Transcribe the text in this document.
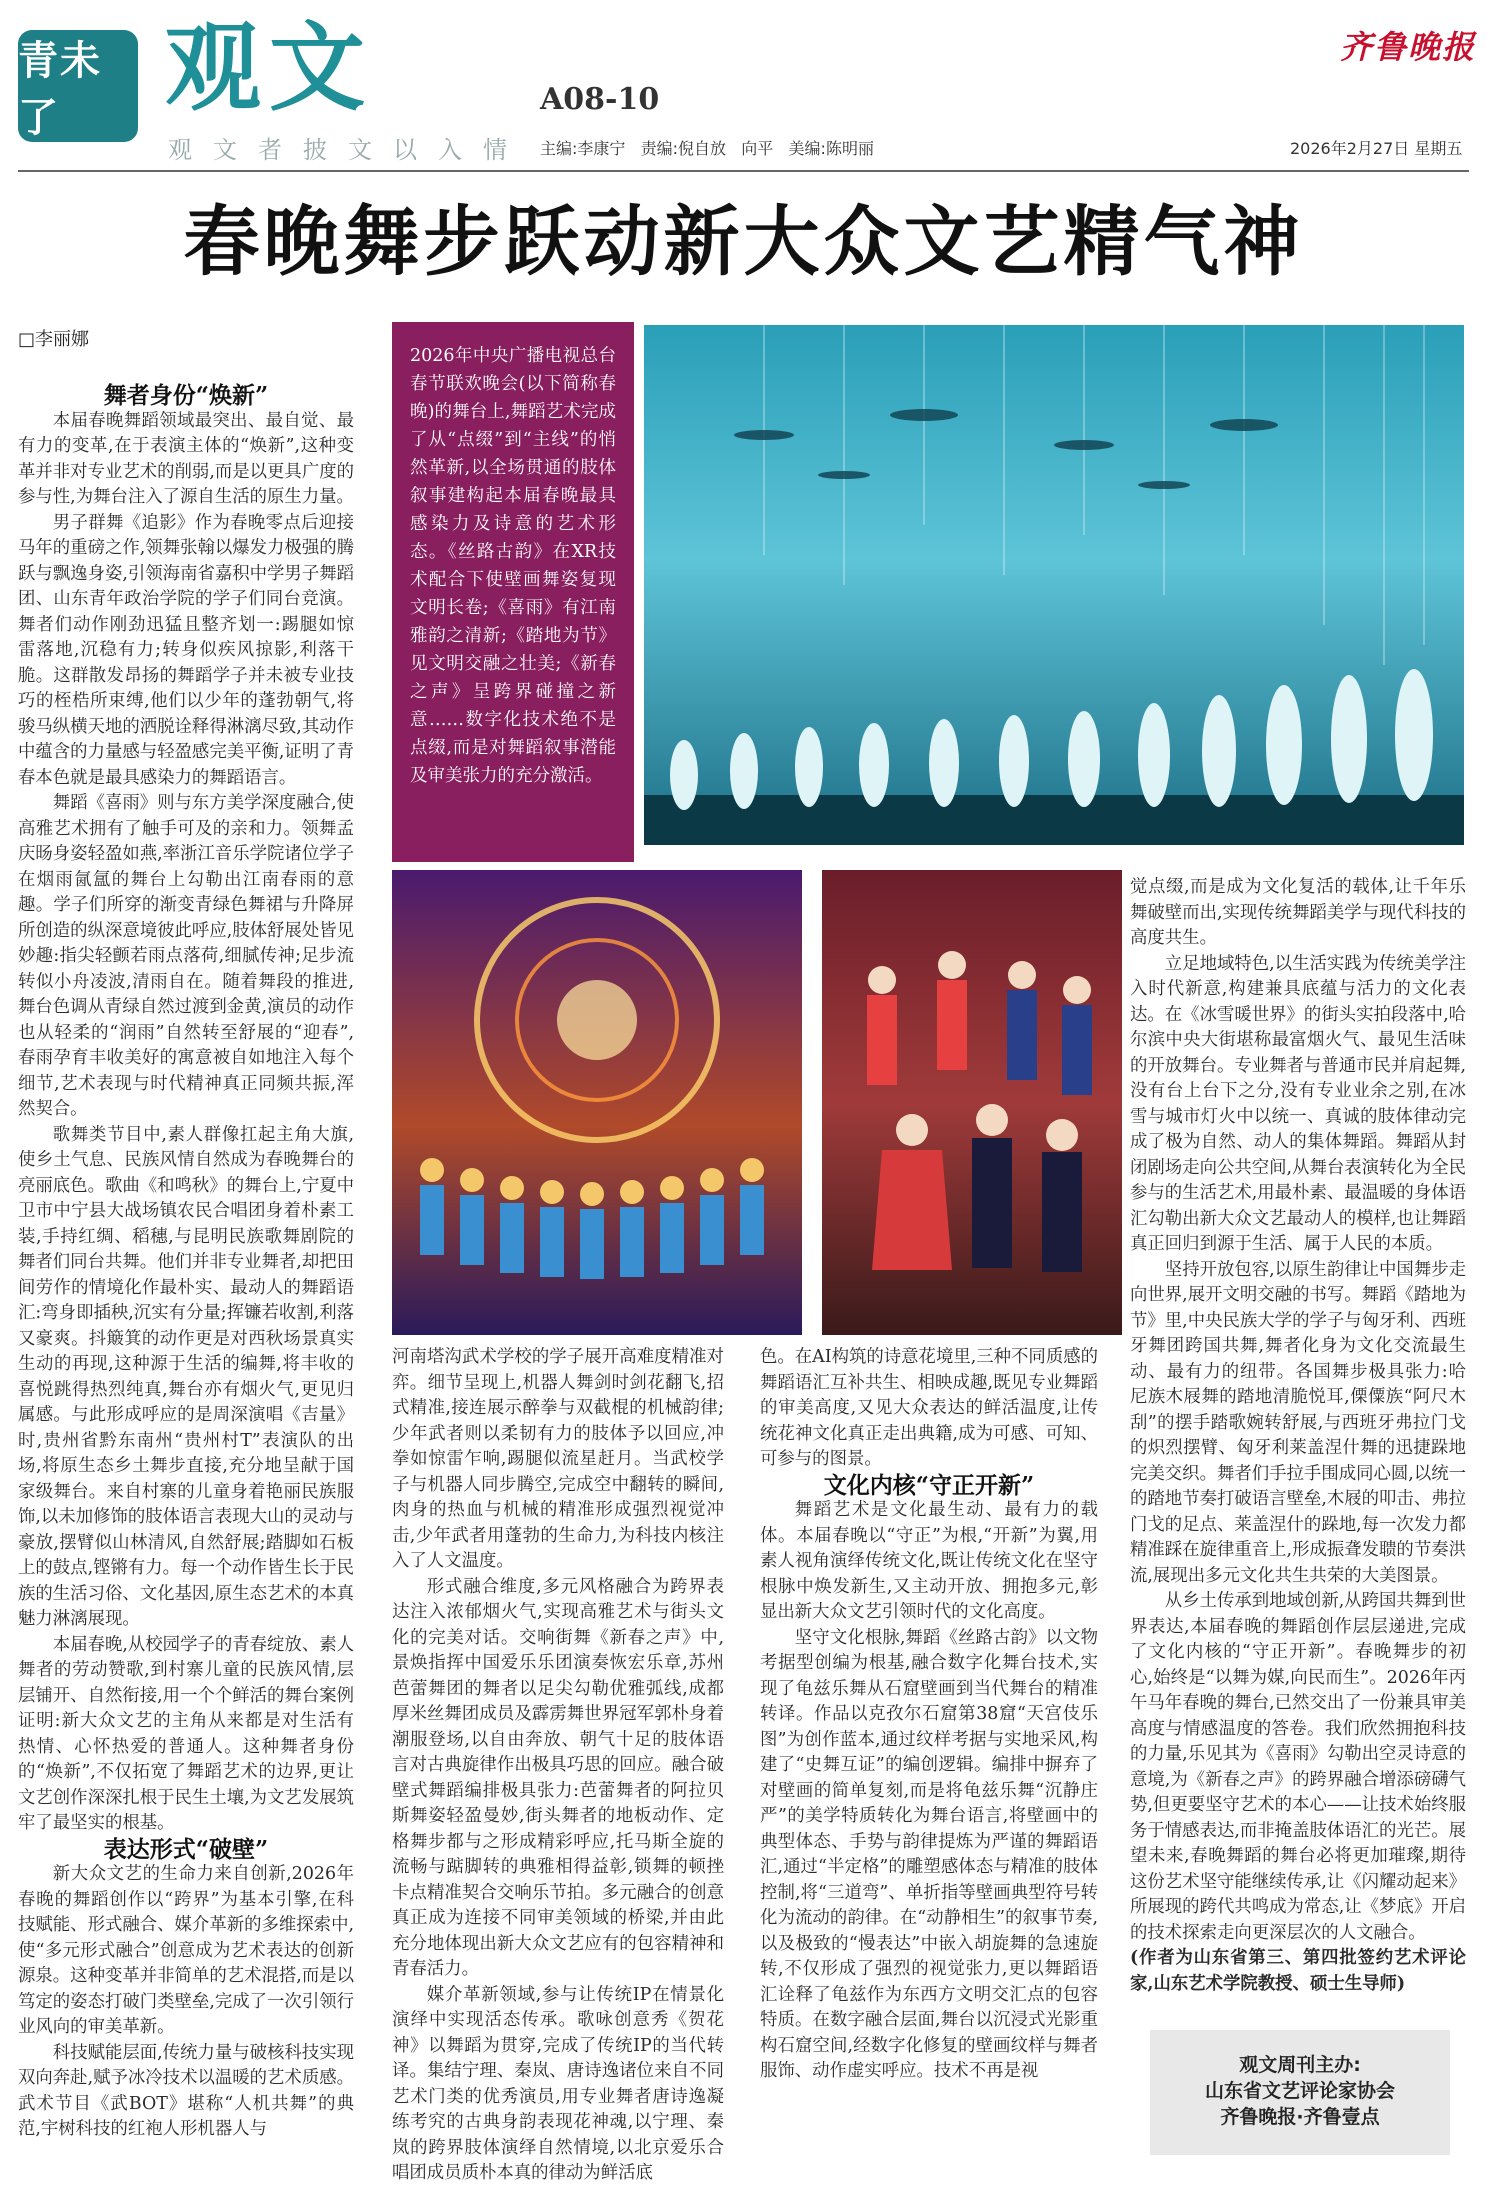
青未了	观文	A08-10
观文者披文以入情 主编:李康宁   责编:倪自放   向平   美编:陈明丽	2026年2月27日 星期五
齐鲁晚报
春晚舞步跃动新大众文艺精气神
□李丽娜

舞者身份“焕新”

本届春晚舞蹈领域最突出、最自觉、最有力的变革,在于表演主体的“焕新”,这种变革并非对专业艺术的削弱,而是以更具广度的参与性,为舞台注入了源自生活的原生力量。

男子群舞《追影》作为春晚零点后迎接马年的重磅之作,领舞张翰以爆发力极强的腾跃与飘逸身姿,引领海南省嘉积中学男子舞蹈团、山东青年政治学院的学子们同台竞演。舞者们动作刚劲迅猛且整齐划一:踢腿如惊雷落地,沉稳有力;转身似疾风掠影,利落干脆。这群散发昂扬的舞蹈学子并未被专业技巧的桎梏所束缚,他们以少年的蓬勃朝气,将骏马纵横天地的洒脱诠释得淋漓尽致,其动作中蕴含的力量感与轻盈感完美平衡,证明了青春本色就是最具感染力的舞蹈语言。

舞蹈《喜雨》则与东方美学深度融合,使高雅艺术拥有了触手可及的亲和力。领舞孟庆旸身姿轻盈如燕,率浙江音乐学院诸位学子在烟雨氤氲的舞台上勾勒出江南春雨的意趣。学子们所穿的渐变青绿色舞裙与升降屏所创造的纵深意境彼此呼应,肢体舒展处皆见妙趣:指尖轻颤若雨点落荷,细腻传神;足步流转似小舟凌波,清雨自在。随着舞段的推进,舞台色调从青绿自然过渡到金黄,演员的动作也从轻柔的“润雨”自然转至舒展的“迎春”,春雨孕育丰收美好的寓意被自如地注入每个细节,艺术表现与时代精神真正同频共振,浑然契合。

歌舞类节目中,素人群像扛起主角大旗,使乡土气息、民族风情自然成为春晚舞台的亮丽底色。歌曲《和鸣秋》的舞台上,宁夏中卫市中宁县大战场镇农民合唱团身着朴素工装,手持红绸、稻穗,与昆明民族歌舞剧院的舞者们同台共舞。他们并非专业舞者,却把田间劳作的情境化作最朴实、最动人的舞蹈语汇:弯身即插秧,沉实有分量;挥镰若收割,利落又豪爽。抖簸箕的动作更是对西秋场景真实生动的再现,这种源于生活的编舞,将丰收的喜悦跳得热烈纯真,舞台亦有烟火气,更见归属感。与此形成呼应的是周深演唱《吉量》时,贵州省黔东南州“贵州村T”表演队的出场,将原生态乡土舞步直接,充分地呈献于国家级舞台。来自村寨的儿童身着艳丽民族服饰,以未加修饰的肢体语言表现大山的灵动与豪放,摆臂似山林清风,自然舒展;踏脚如石板上的鼓点,铿锵有力。每一个动作皆生长于民族的生活习俗、文化基因,原生态艺术的本真魅力淋漓展现。

本届春晚,从校园学子的青春绽放、素人舞者的劳动赞歌,到村寨儿童的民族风情,层层铺开、自然衔接,用一个个鲜活的舞台案例证明:新大众文艺的主角从来都是对生活有热情、心怀热爱的普通人。这种舞者身份的“焕新”,不仅拓宽了舞蹈艺术的边界,更让文艺创作深深扎根于民生土壤,为文艺发展筑牢了最坚实的根基。

表达形式“破壁”

新大众文艺的生命力来自创新,2026年春晚的舞蹈创作以“跨界”为基本引擎,在科技赋能、形式融合、媒介革新的多维探索中,使“多元形式融合”创意成为艺术表达的创新源泉。这种变革并非简单的艺术混搭,而是以笃定的姿态打破门类壁垒,完成了一次引领行业风向的审美革新。

科技赋能层面,传统力量与破核科技实现双向奔赴,赋予冰冷技术以温暖的艺术质感。武术节目《武BOT》堪称“人机共舞”的典范,宇树科技的红袍人形机器人与

2026年中央广播电视总台春节联欢晚会(以下简称春晚)的舞台上,舞蹈艺术完成了从“点缀”到“主线”的悄然革新,以全场贯通的肢体叙事建构起本届春晚最具感染力及诗意的艺术形态。《丝路古韵》在XR技术配合下使壁画舞姿复现文明长卷;《喜雨》有江南雅韵之清新;《踏地为节》见文明交融之壮美;《新春之声》呈跨界碰撞之新意……数字化技术绝不是点缀,而是对舞蹈叙事潜能及审美张力的充分激活。

河南塔沟武术学校的学子展开高难度精准对弈。细节呈现上,机器人舞剑时剑花翻飞,招式精准,接连展示醉拳与双截棍的机械韵律;少年武者则以柔韧有力的肢体予以回应,冲拳如惊雷乍响,踢腿似流星赶月。当武校学子与机器人同步腾空,完成空中翻转的瞬间,肉身的热血与机械的精准形成强烈视觉冲击,少年武者用蓬勃的生命力,为科技内核注入了人文温度。

形式融合维度,多元风格融合为跨界表达注入浓郁烟火气,实现高雅艺术与街头文化的完美对话。交响街舞《新春之声》中,景焕指挥中国爱乐乐团演奏恢宏乐章,苏州芭蕾舞团的舞者以足尖勾勒优雅弧线,成都厚米丝舞团成员及霹雳舞世界冠军郭朴身着潮服登场,以自由奔放、朝气十足的肢体语言对古典旋律作出极具巧思的回应。融合破壁式舞蹈编排极具张力:芭蕾舞者的阿拉贝斯舞姿轻盈曼妙,街头舞者的地板动作、定格舞步都与之形成精彩呼应,托马斯全旋的流畅与踮脚转的典雅相得益彰,锁舞的顿挫卡点精准契合交响乐节拍。多元融合的创意真正成为连接不同审美领域的桥梁,并由此充分地体现出新大众文艺应有的包容精神和青春活力。

媒介革新领域,参与让传统IP在情景化演绎中实现活态传承。歌咏创意秀《贺花神》以舞蹈为贯穿,完成了传统IP的当代转译。集结宁理、秦岚、唐诗逸诸位来自不同艺术门类的优秀演员,用专业舞者唐诗逸凝练考究的古典身韵表现花神魂,以宁理、秦岚的跨界肢体演绎自然情境,以北京爱乐合唱团成员质朴本真的律动为鲜活底

色。在AI构筑的诗意花境里,三种不同质感的舞蹈语汇互补共生、相映成趣,既见专业舞蹈的审美高度,又见大众表达的鲜活温度,让传统花神文化真正走出典籍,成为可感、可知、可参与的图景。

文化内核“守正开新”

舞蹈艺术是文化最生动、最有力的载体。本届春晚以“守正”为根,“开新”为翼,用素人视角演绎传统文化,既让传统文化在坚守根脉中焕发新生,又主动开放、拥抱多元,彰显出新大众文艺引领时代的文化高度。

坚守文化根脉,舞蹈《丝路古韵》以文物考据型创编为根基,融合数字化舞台技术,实现了龟兹乐舞从石窟壁画到当代舞台的精准转译。作品以克孜尔石窟第38窟“天宫伎乐图”为创作蓝本,通过纹样考据与实地采风,构建了“史舞互证”的编创逻辑。编排中摒弃了对壁画的简单复刻,而是将龟兹乐舞“沉静庄严”的美学特质转化为舞台语言,将壁画中的典型体态、手势与韵律提炼为严谨的舞蹈语汇,通过“半定格”的雕塑感体态与精准的肢体控制,将“三道弯”、单折指等壁画典型符号转化为流动的韵律。在“动静相生”的叙事节奏,以及极致的“慢表达”中嵌入胡旋舞的急速旋转,不仅形成了强烈的视觉张力,更以舞蹈语汇诠释了龟兹作为东西方文明交汇点的包容特质。在数字融合层面,舞台以沉浸式光影重构石窟空间,经数字化修复的壁画纹样与舞者服饰、动作虚实呼应。技术不再是视

觉点缀,而是成为文化复活的载体,让千年乐舞破壁而出,实现传统舞蹈美学与现代科技的高度共生。

立足地域特色,以生活实践为传统美学注入时代新意,构建兼具底蕴与活力的文化表达。在《冰雪暖世界》的街头实拍段落中,哈尔滨中央大街堪称最富烟火气、最见生活味的开放舞台。专业舞者与普通市民并肩起舞,没有台上台下之分,没有专业业余之别,在冰雪与城市灯火中以统一、真诚的肢体律动完成了极为自然、动人的集体舞蹈。舞蹈从封闭剧场走向公共空间,从舞台表演转化为全民参与的生活艺术,用最朴素、最温暖的身体语汇勾勒出新大众文艺最动人的模样,也让舞蹈真正回归到源于生活、属于人民的本质。

坚持开放包容,以原生韵律让中国舞步走向世界,展开文明交融的书写。舞蹈《踏地为节》里,中央民族大学的学子与匈牙利、西班牙舞团跨国共舞,舞者化身为文化交流最生动、最有力的纽带。各国舞步极具张力:哈尼族木屐舞的踏地清脆悦耳,傈僳族“阿尺木刮”的摆手踏歌婉转舒展,与西班牙弗拉门戈的炽烈摆臂、匈牙利莱盖涅什舞的迅捷跺地完美交织。舞者们手拉手围成同心圆,以统一的踏地节奏打破语言壁垒,木屐的叩击、弗拉门戈的足点、莱盖涅什的跺地,每一次发力都精准踩在旋律重音上,形成振聋发聩的节奏洪流,展现出多元文化共生共荣的大美图景。

从乡土传承到地域创新,从跨国共舞到世界表达,本届春晚的舞蹈创作层层递进,完成了文化内核的“守正开新”。春晚舞步的初心,始终是“以舞为媒,向民而生”。2026年丙午马年春晚的舞台,已然交出了一份兼具审美高度与情感温度的答卷。我们欣然拥抱科技的力量,乐见其为《喜雨》勾勒出空灵诗意的意境,为《新春之声》的跨界融合增添磅礴气势,但更要坚守艺术的本心——让技术始终服务于情感表达,而非掩盖肢体语汇的光芒。展望未来,春晚舞蹈的舞台必将更加璀璨,期待这份艺术坚守能继续传承,让《闪耀动起来》所展现的跨代共鸣成为常态,让《梦底》开启的技术探索走向更深层次的人文融合。

(作者为山东省第三、第四批签约艺术评论家,山东艺术学院教授、硕士生导师)

观文周刊主办:
山东省文艺评论家协会
齐鲁晚报·齐鲁壹点
